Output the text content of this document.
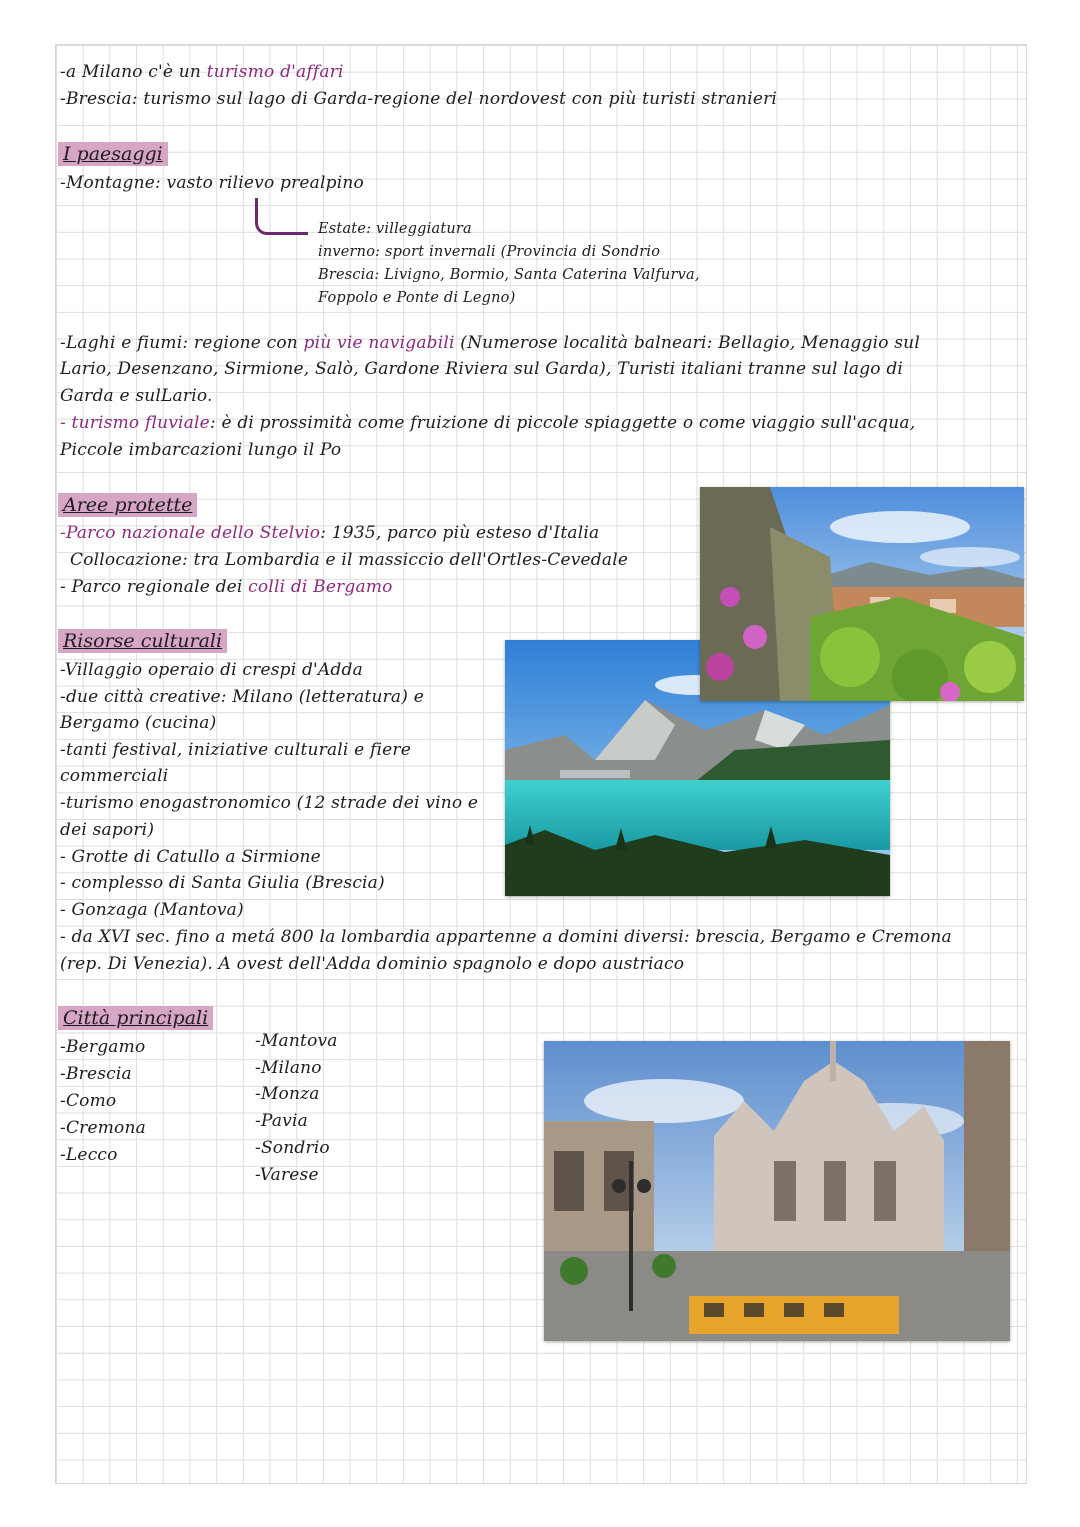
-a Milano c'è un turismo d'affari
-Brescia: turismo sul lago di Garda-regione del nordovest con più turisti stranieri
I paesaggi
-Montagne: vasto rilievo prealpino
Estate: villeggiatura
inverno: sport invernali (Provincia di Sondrio
Brescia: Livigno, Bormio, Santa Caterina Valfurva,
Foppolo e Ponte di Legno)
-Laghi e fiumi: regione con più vie navigabili (Numerose località balneari: Bellagio, Menaggio sul
Lario, Desenzano, Sirmione, Salò, Gardone Riviera sul Garda), Turisti italiani tranne sul lago di
Garda e sulLario.
- turismo fluviale: è di prossimità come fruizione di piccole spiaggette o come viaggio sull'acqua,
Piccole imbarcazioni lungo il Po
Aree protette
-Parco nazionale dello Stelvio: 1935, parco più esteso d'Italia
Collocazione: tra Lombardia e il massiccio dell'Ortles-Cevedale
- Parco regionale dei colli di Bergamo
Risorse culturali
-Villaggio operaio di crespi d'Adda
-due città creative: Milano (letteratura) e
Bergamo (cucina)
-tanti festival, iniziative culturali e fiere
commerciali
-turismo enogastronomico (12 strade dei vino e
dei sapori)
- Grotte di Catullo a Sirmione
- complesso di Santa Giulia (Brescia)
- Gonzaga (Mantova)
- da XVI sec. fino a metá 800 la lombardia appartenne a domini diversi: brescia, Bergamo e Cremona
(rep. Di Venezia). A ovest dell'Adda dominio spagnolo e dopo austriaco
Città principali
-Bergamo
-Brescia
-Como
-Cremona
-Lecco
-Mantova
-Milano
-Monza
-Pavia
-Sondrio
-Varese
